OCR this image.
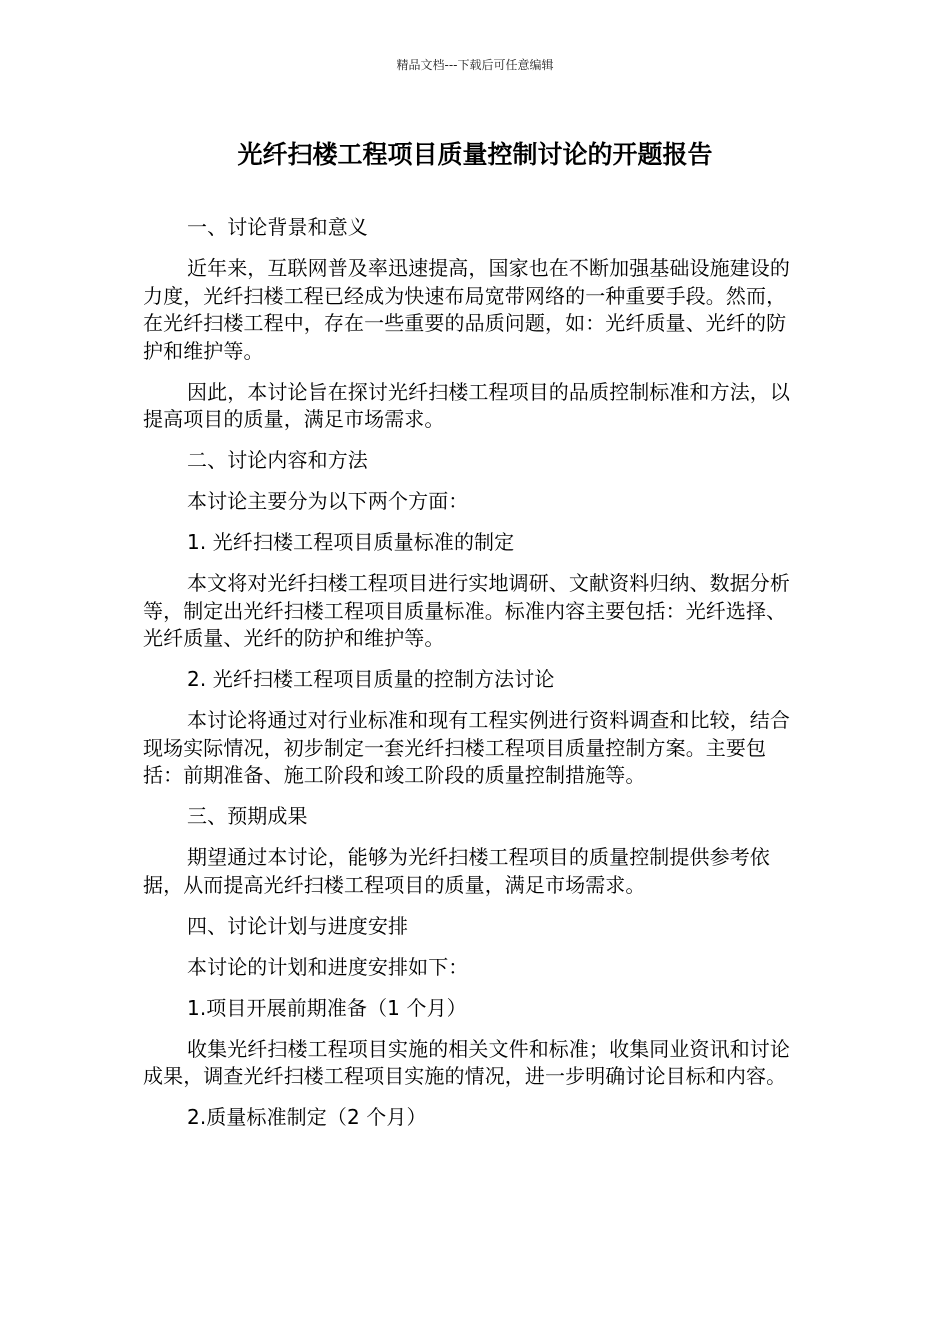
精品文档---下载后可任意编辑
光纤扫楼工程项目质量控制讨论的开题报告

一、讨论背景和意义

近年来，互联网普及率迅速提高，国家也在不断加强基础设施建设的力度，光纤扫楼工程已经成为快速布局宽带网络的一种重要手段。然而，在光纤扫楼工程中，存在一些重要的品质问题，如：光纤质量、光纤的防护和维护等。

因此，本讨论旨在探讨光纤扫楼工程项目的品质控制标准和方法，以提高项目的质量，满足市场需求。

二、讨论内容和方法

本讨论主要分为以下两个方面：

1. 光纤扫楼工程项目质量标准的制定

本文将对光纤扫楼工程项目进行实地调研、文献资料归纳、数据分析等，制定出光纤扫楼工程项目质量标准。标准内容主要包括：光纤选择、光纤质量、光纤的防护和维护等。

2. 光纤扫楼工程项目质量的控制方法讨论

本讨论将通过对行业标准和现有工程实例进行资料调查和比较，结合现场实际情况，初步制定一套光纤扫楼工程项目质量控制方案。主要包括：前期准备、施工阶段和竣工阶段的质量控制措施等。

三、预期成果

期望通过本讨论，能够为光纤扫楼工程项目的质量控制提供参考依据，从而提高光纤扫楼工程项目的质量，满足市场需求。

四、讨论计划与进度安排

本讨论的计划和进度安排如下：

1.项目开展前期准备（1 个月）

收集光纤扫楼工程项目实施的相关文件和标准；收集同业资讯和讨论成果，调查光纤扫楼工程项目实施的情况，进一步明确讨论目标和内容。

2.质量标准制定（2 个月）
